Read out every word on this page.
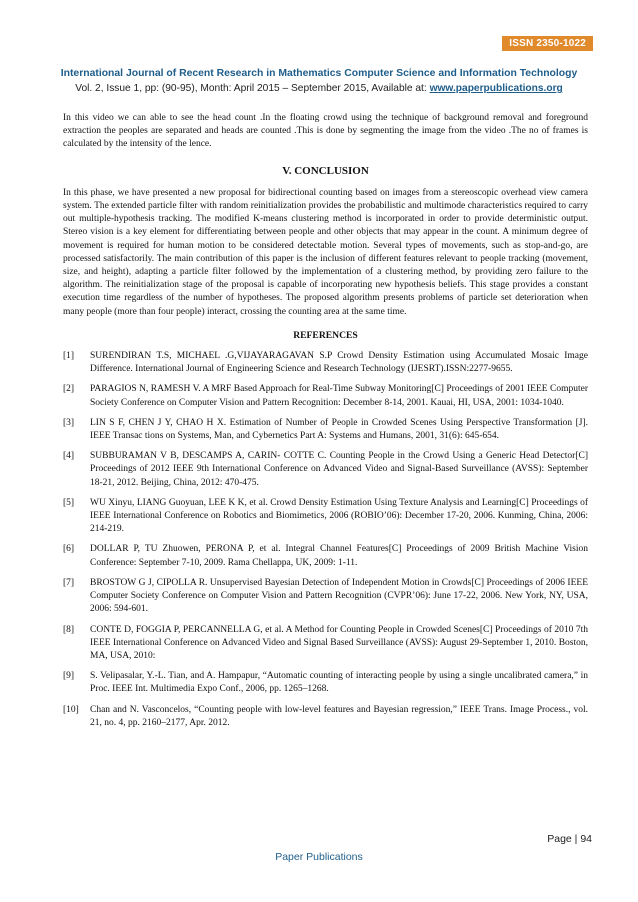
ISSN 2350-1022
International Journal of Recent Research in Mathematics Computer Science and Information Technology
Vol. 2, Issue 1, pp: (90-95), Month: April 2015 – September 2015, Available at: www.paperpublications.org

In this video we can able to see the head count .In the floating crowd using the technique of background removal and foreground extraction the peoples are separated and heads are counted .This is done by segmenting the image from the video .The no of frames is calculated by the intensity of the lence.

V. CONCLUSION

In this phase, we have presented a new proposal for bidirectional counting based on images from a stereoscopic overhead view camera system. The extended particle filter with random reinitialization provides the probabilistic and multimode characteristics required to carry out multiple-hypothesis tracking. The modified K-means clustering method is incorporated in order to provide deterministic output. Stereo vision is a key element for differentiating between people and other objects that may appear in the count. A minimum degree of movement is required for human motion to be considered detectable motion. Several types of movements, such as stop-and-go, are processed satisfactorily. The main contribution of this paper is the inclusion of different features relevant to people tracking (movement, size, and height), adapting a particle filter followed by the implementation of a clustering method, by providing zero failure to the algorithm. The reinitialization stage of the proposal is capable of incorporating new hypothesis beliefs. This stage provides a constant execution time regardless of the number of hypotheses. The proposed algorithm presents problems of particle set deterioration when many people (more than four people) interact, crossing the counting area at the same time.

REFERENCES
[1] SURENDIRAN T.S, MICHAEL .G,VIJAYARAGAVAN S.P Crowd Density Estimation using Accumulated Mosaic Image Difference. International Journal of Engineering Science and Research Technology (IJESRT).ISSN:2277-9655.
[2] PARAGIOS N, RAMESH V. A MRF Based Approach for Real-Time Subway Monitoring[C] Proceedings of 2001 IEEE Computer Society Conference on Computer Vision and Pattern Recognition: December 8-14, 2001. Kauai, HI, USA, 2001: 1034-1040.
[3] LIN S F, CHEN J Y, CHAO H X. Estimation of Number of People in Crowded Scenes Using Perspective Transformation [J]. IEEE Transac tions on Systems, Man, and Cybernetics Part A: Systems and Humans, 2001, 31(6): 645-654.
[4] SUBBURAMAN V B, DESCAMPS A, CARIN- COTTE C. Counting People in the Crowd Using a Generic Head Detector[C] Proceedings of 2012 IEEE 9th International Conference on Advanced Video and Signal-Based Surveillance (AVSS): September 18-21, 2012. Beijing, China, 2012: 470-475.
[5] WU Xinyu, LIANG Guoyuan, LEE K K, et al. Crowd Density Estimation Using Texture Analysis and Learning[C] Proceedings of IEEE International Conference on Robotics and Biomimetics, 2006 (ROBIO’06): December 17-20, 2006. Kunming, China, 2006: 214-219.
[6] DOLLAR P, TU Zhuowen, PERONA P, et al. Integral Channel Features[C] Proceedings of 2009 British Machine Vision Conference: September 7-10, 2009. Rama Chellappa, UK, 2009: 1-11.
[7] BROSTOW G J, CIPOLLA R. Unsupervised Bayesian Detection of Independent Motion in Crowds[C] Proceedings of 2006 IEEE Computer Society Conference on Computer Vision and Pattern Recognition (CVPR’06): June 17-22, 2006. New York, NY, USA, 2006: 594-601.
[8] CONTE D, FOGGIA P, PERCANNELLA G, et al. A Method for Counting People in Crowded Scenes[C] Proceedings of 2010 7th IEEE International Conference on Advanced Video and Signal Based Surveillance (AVSS): August 29-September 1, 2010. Boston, MA, USA, 2010:
[9] S. Velipasalar, Y.-L. Tian, and A. Hampapur, “Automatic counting of interacting people by using a single uncalibrated camera,” in Proc. IEEE Int. Multimedia Expo Conf., 2006, pp. 1265–1268.
[10] Chan and N. Vasconcelos, “Counting people with low-level features and Bayesian regression,” IEEE Trans. Image Process., vol. 21, no. 4, pp. 2160–2177, Apr. 2012.
Page | 94
Paper Publications
